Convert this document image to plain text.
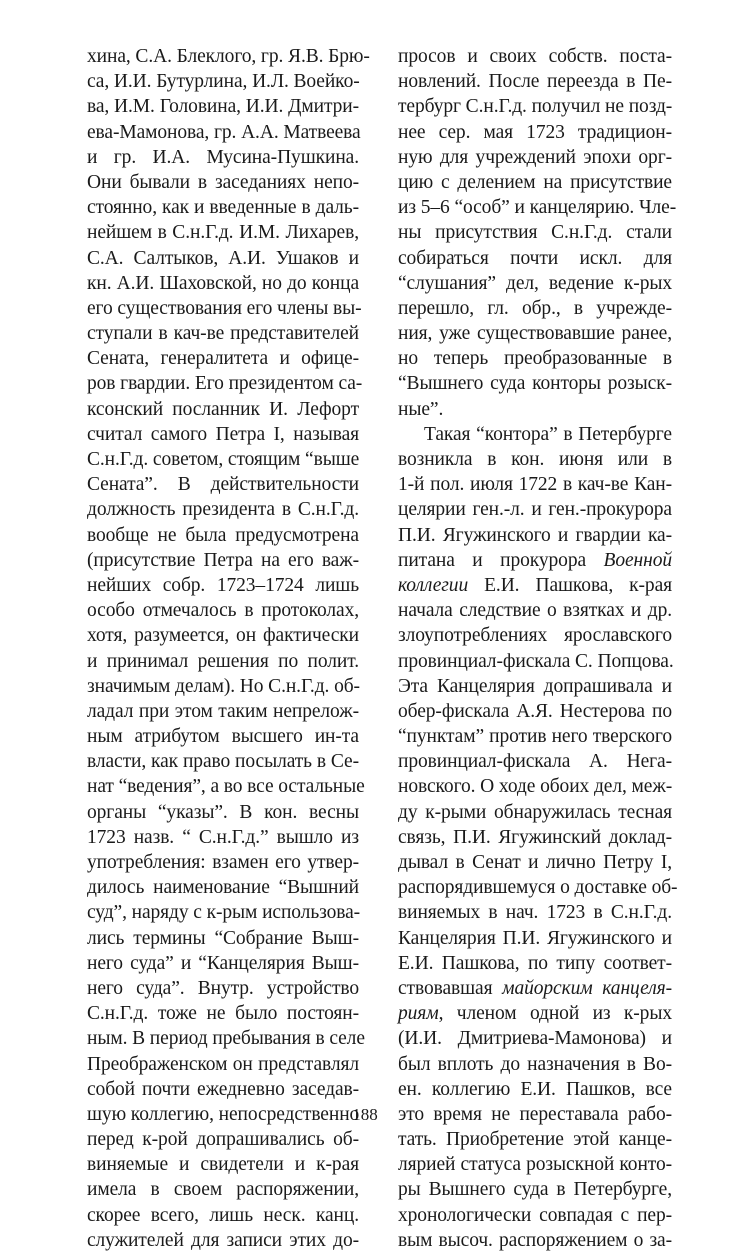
хина, С.А. Блеклого, гр. Я.В. Брю-
са, И.И. Бутурлина, И.Л. Воейко-
ва, И.М. Головина, И.И. Дмитри-
ева-Мамонова, гр. А.А. Матвеева
и гр. И.А. Мусина-Пушкина.
Они бывали в заседаниях непо-
стоянно, как и введенные в даль-
нейшем в С.н.Г.д. И.М. Лихарев,
С.А. Салтыков, А.И. Ушаков и
кн. А.И. Шаховской, но до конца
его существования его члены вы-
ступали в кач-ве представителей
Сената, генералитета и офице-
ров гвардии. Его президентом са-
ксонский посланник И. Лефорт
считал самого Петра I, называя
С.н.Г.д. советом, стоящим “выше
Сената”. В действительности
должность президента в С.н.Г.д.
вообще не была предусмотрена
(присутствие Петра на его важ-
нейших собр. 1723–1724 лишь
особо отмечалось в протоколах,
хотя, разумеется, он фактически
и принимал решения по полит.
значимым делам). Но С.н.Г.д. об-
ладал при этом таким непрелож-
ным атрибутом высшего ин-та
власти, как право посылать в Се-
нат “ведения”, а во все остальные
органы “указы”. В кон. весны
1723 назв. “ С.н.Г.д.” вышло из
употребления: взамен его утвер-
дилось наименование “Вышний
суд”, наряду с к-рым использова-
лись термины “Собрание Выш-
него суда” и “Канцелярия Выш-
него суда”. Внутр. устройство
С.н.Г.д. тоже не было постоян-
ным. В период пребывания в селе
Преображенском он представлял
собой почти ежедневно заседав-
шую коллегию, непосредственно
перед к-рой допрашивались об-
виняемые и свидетели и к-рая
имела в своем распоряжении,
скорее всего, лишь неск. канц.
служителей для записи этих до-
просов и своих собств. поста-
новлений. После переезда в Пе-
тербург С.н.Г.д. получил не позд-
нее сер. мая 1723 традицион-
ную для учреждений эпохи орг-
цию с делением на присутствие
из 5–6 “особ” и канцелярию. Чле-
ны присутствия С.н.Г.д. стали
собираться почти искл. для
“слушания” дел, ведение к-рых
перешло, гл. обр., в учрежде-
ния, уже существовавшие ранее,
но теперь преобразованные в
“Вышнего суда конторы розыск-
ные”.
Такая “контора” в Петербурге
возникла в кон. июня или в
1-й пол. июля 1722 в кач-ве Кан-
целярии ген.-л. и ген.-прокурора
П.И. Ягужинского и гвардии ка-
питана и прокурора Военной
коллегии Е.И. Пашкова, к-рая
начала следствие о взятках и др.
злоупотреблениях ярославского
провинциал-фискала С. Попцова.
Эта Канцелярия допрашивала и
обер-фискала А.Я. Нестерова по
“пунктам” против него тверского
провинциал-фискала А. Нега-
новского. О ходе обоих дел, меж-
ду к-рыми обнаружилась тесная
связь, П.И. Ягужинский доклад-
дывал в Сенат и лично Петру I,
распорядившемуся о доставке об-
виняемых в нач. 1723 в С.н.Г.д.
Канцелярия П.И. Ягужинского и
Е.И. Пашкова, по типу соответ-
ствовавшая майорским канцеля-
риям, членом одной из к-рых
(И.И. Дмитриева-Мамонова) и
был вплоть до назначения в Во-
ен. коллегию Е.И. Пашков, все
это время не переставала рабо-
тать. Приобретение этой канце-
лярией статуса розыскной конто-
ры Вышнего суда в Петербурге,
хронологически совпадая с пер-
вым высоч. распоряжением о за-
188
